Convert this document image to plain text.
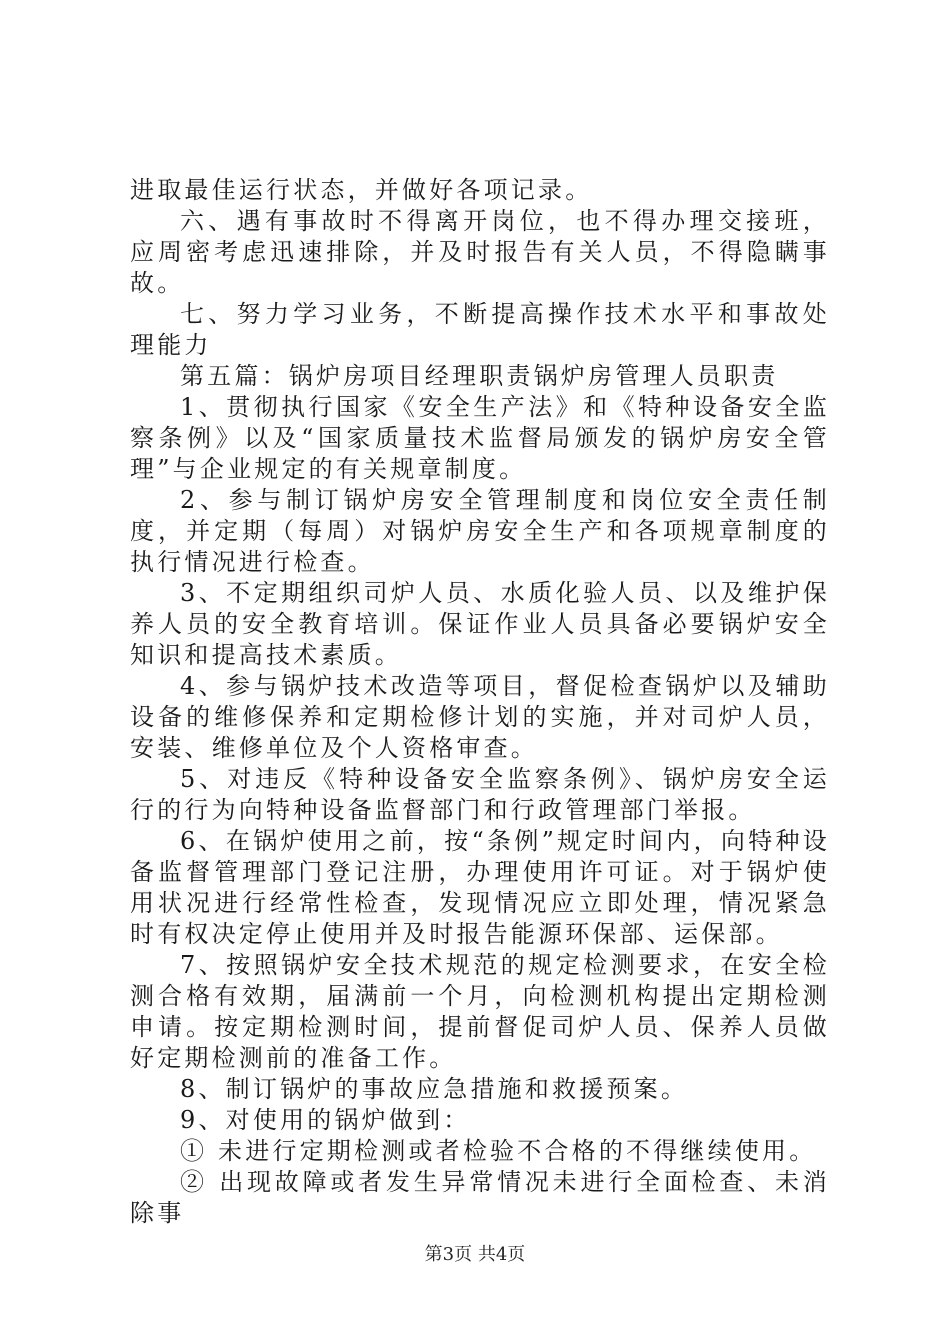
进取最佳运行状态，并做好各项记录。

六、遇有事故时不得离开岗位，也不得办理交接班，应周密考虑迅速排除，并及时报告有关人员，不得隐瞒事故。

七、努力学习业务，不断提高操作技术水平和事故处理能力

第五篇：锅炉房项目经理职责锅炉房管理人员职责

1、贯彻执行国家《安全生产法》和《特种设备安全监察条例》以及“国家质量技术监督局颁发的锅炉房安全管理”与企业规定的有关规章制度。

2、参与制订锅炉房安全管理制度和岗位安全责任制度，并定期（每周）对锅炉房安全生产和各项规章制度的执行情况进行检查。

3、不定期组织司炉人员、水质化验人员、以及维护保养人员的安全教育培训。保证作业人员具备必要锅炉安全知识和提高技术素质。

4、参与锅炉技术改造等项目，督促检查锅炉以及辅助设备的维修保养和定期检修计划的实施，并对司炉人员，安装、维修单位及个人资格审查。

5、对违反《特种设备安全监察条例》、锅炉房安全运行的行为向特种设备监督部门和行政管理部门举报。

6、在锅炉使用之前，按“条例”规定时间内，向特种设备监督管理部门登记注册，办理使用许可证。对于锅炉使用状况进行经常性检查，发现情况应立即处理，情况紧急时有权决定停止使用并及时报告能源环保部、运保部。

7、按照锅炉安全技术规范的规定检测要求，在安全检测合格有效期，届满前一个月，向检测机构提出定期检测申请。按定期检测时间，提前督促司炉人员、保养人员做好定期检测前的准备工作。

8、制订锅炉的事故应急措施和救援预案。

9、对使用的锅炉做到：

① 未进行定期检测或者检验不合格的不得继续使用。

② 出现故障或者发生异常情况未进行全面检查、未消除事

第3页 共4页
